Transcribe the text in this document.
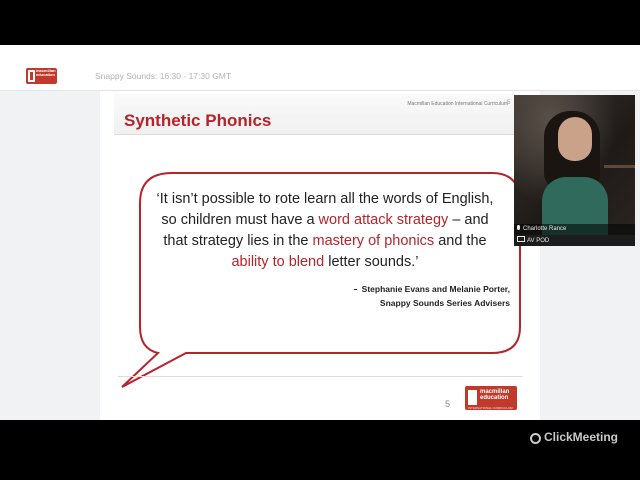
macmillan
education	Snappy Sounds: 16:30 - 17:30 GMT
Macmillan Education International Curriculum 5
Synthetic Phonics
‘It isn’t possible to rote learn all the words of English,
so children must have a word attack strategy – and
that strategy lies in the mastery of phonics and the
ability to blend letter sounds.’
- Stephanie Evans and Melanie Porter,
Snappy Sounds Series Advisers
5
macmillan
education
INTERNATIONAL CURRICULUM
ClickMeeting
Charlotte Rance
AV POD
